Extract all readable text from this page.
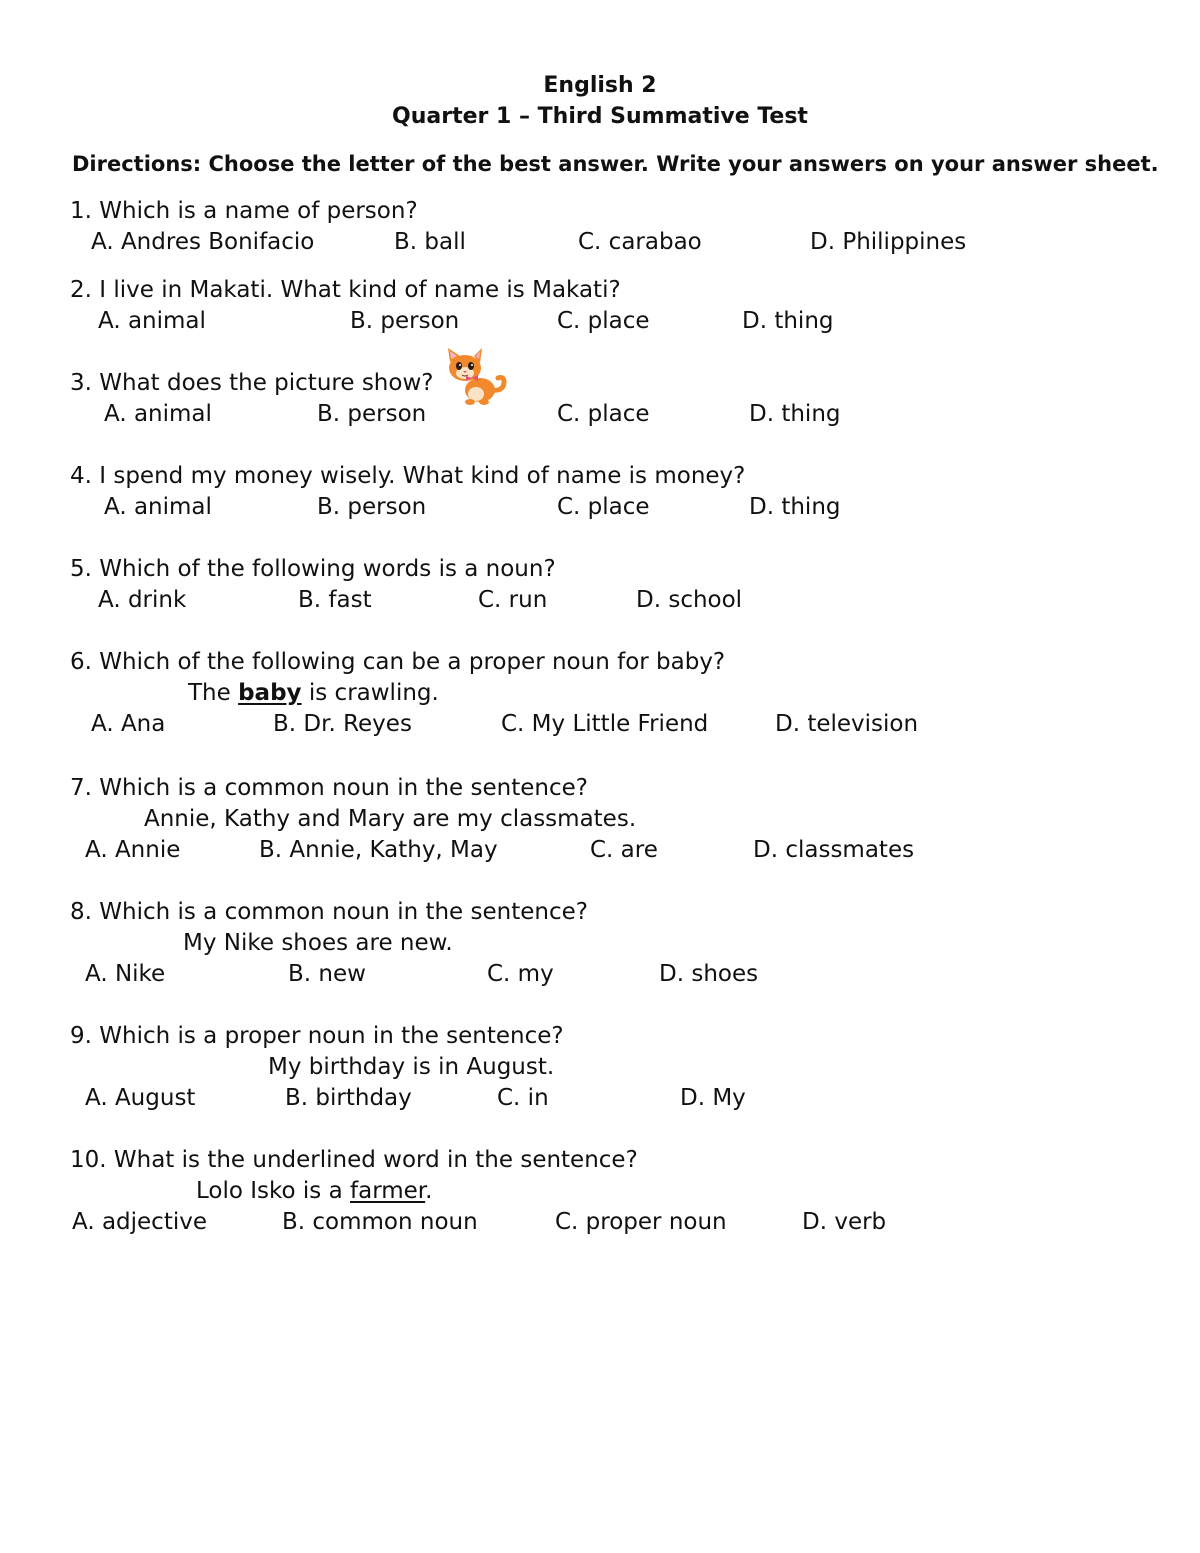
English 2
Quarter 1 – Third Summative Test
Directions: Choose the letter of the best answer. Write your answers on your answer sheet.
1. Which is a name of person?
A. Andres Bonifacio	B. ball	C. carabao	D. Philippines
2. I live in Makati. What kind of name is Makati?
A. animal	B. person	C. place	D. thing
3. What does the picture show?
A. animal	B. person	C. place	D. thing
4. I spend my money wisely. What kind of name is money?
A. animal	B. person	C. place	D. thing
5. Which of the following words is a noun?
A. drink	B. fast	C. run	D. school
6. Which of the following can be a proper noun for baby?
The baby is crawling.
A. Ana	B. Dr. Reyes	C. My Little Friend	D. television
7. Which is a common noun in the sentence?
Annie, Kathy and Mary are my classmates.
A. Annie	B. Annie, Kathy, May	C. are	D. classmates
8. Which is a common noun in the sentence?
My Nike shoes are new.
A. Nike	B. new	C. my	D. shoes
9. Which is a proper noun in the sentence?
My birthday is in August.
A. August	B. birthday	C. in	D. My
10. What is the underlined word in the sentence?
Lolo Isko is a farmer.
A. adjective	B. common noun	C. proper noun	D. verb
